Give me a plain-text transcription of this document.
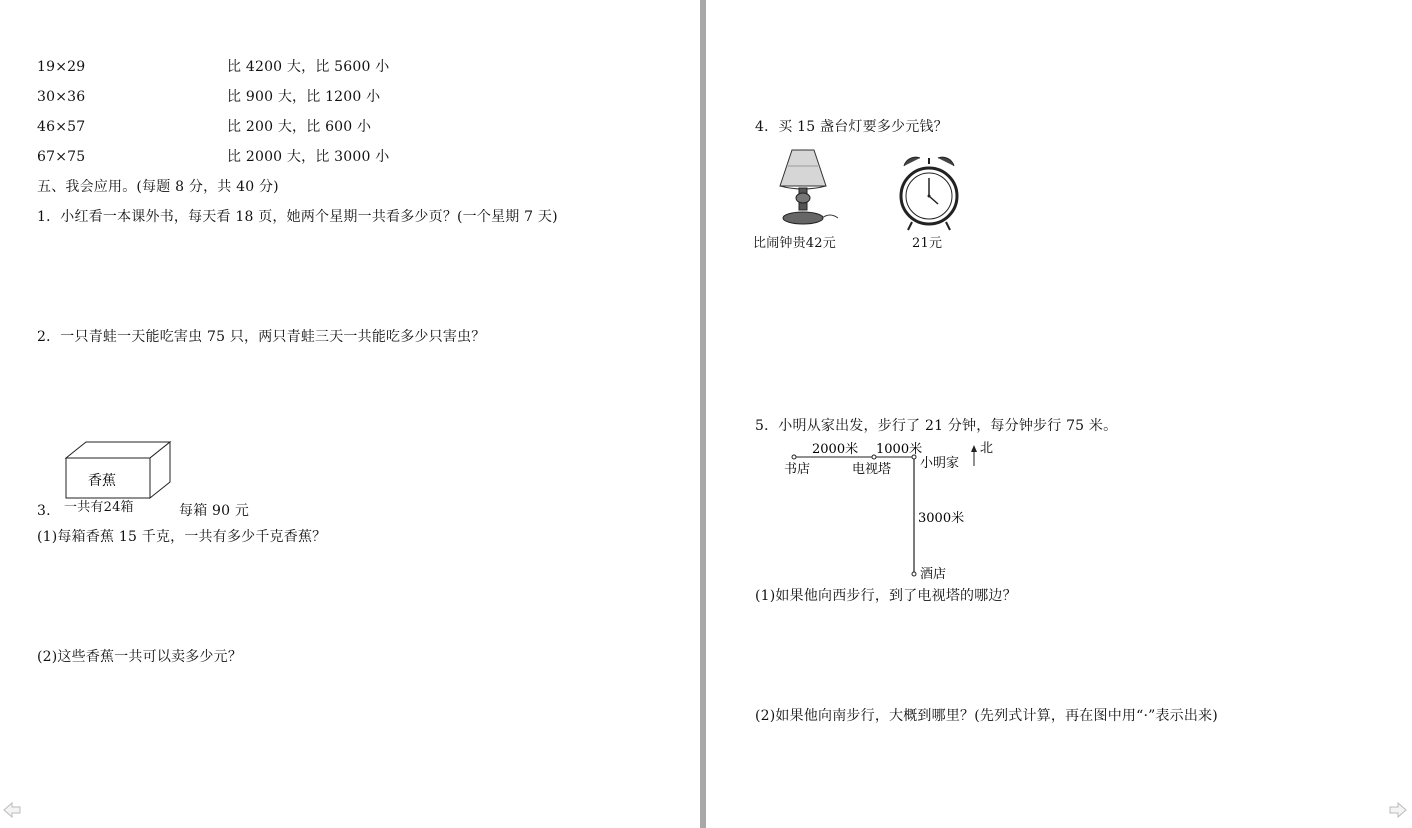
19×29	比 4200 大，比 5600 小
30×36	比 900 大，比 1200 小
46×57	比 200 大，比 600 小
67×75	比 2000 大，比 3000 小
五、我会应用。(每题 8 分，共 40 分)
1．小红看一本课外书，每天看 18 页，她两个星期一共看多少页？(一个星期 7 天)
2．一只青蛙一天能吃害虫 75 只，两只青蛙三天一共能吃多少只害虫？
香蕉
一共有24箱
3.	每箱 90 元
(1)每箱香蕉 15 千克，一共有多少千克香蕉？
(2)这些香蕉一共可以卖多少元？
4．买 15 盏台灯要多少元钱？
比闹钟贵42元	21元
5．小明从家出发，步行了 21 分钟，每分钟步行 75 米。
2000米 1000米	北
书店	电视塔 小明家
3000米
酒店
(1)如果他向西步行，到了电视塔的哪边？
(2)如果他向南步行，大概到哪里？(先列式计算，再在图中用“·”表示出来)
